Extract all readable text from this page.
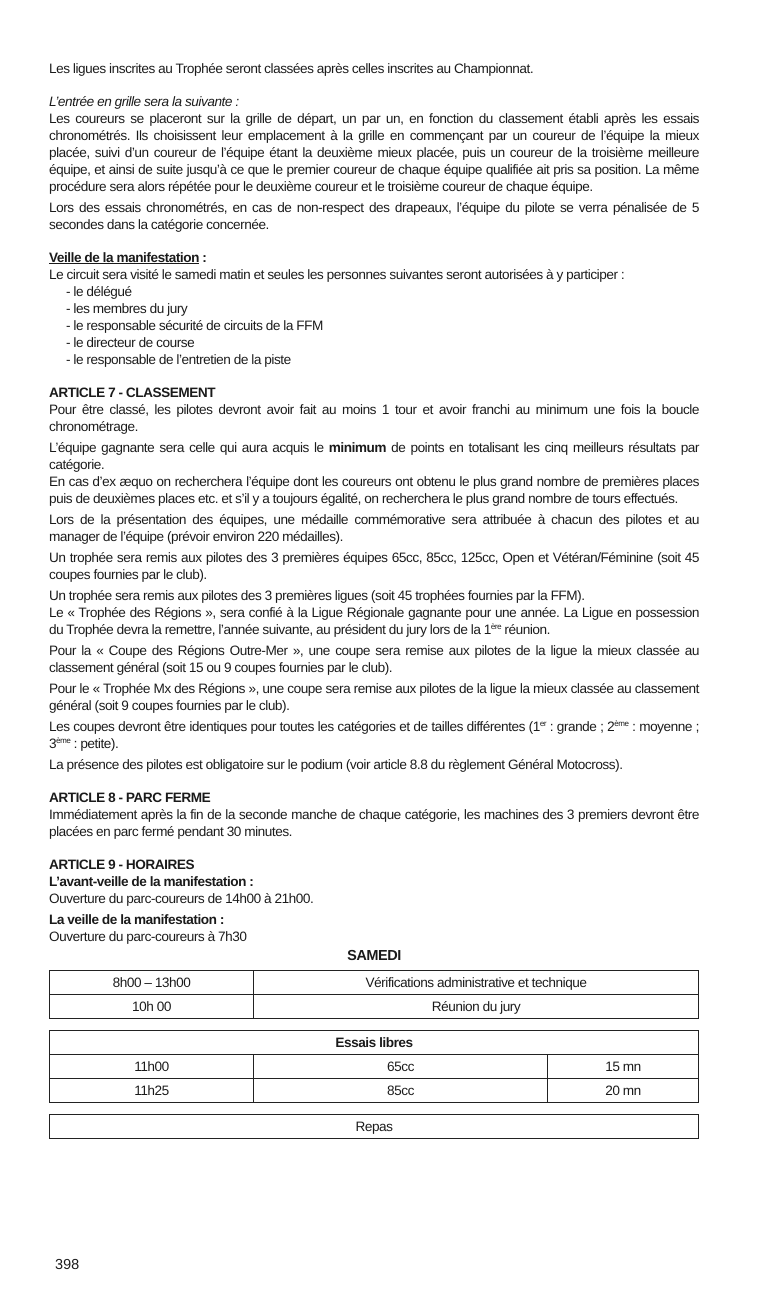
Les ligues inscrites au Trophée seront classées après celles inscrites au Championnat.

L’entrée en grille sera la suivante :

Les coureurs se placeront sur la grille de départ, un par un, en fonction du classement établi après les essais chronométrés. Ils choisissent leur emplacement à la grille en commençant par un coureur de l’équipe la mieux placée, suivi d’un coureur de l’équipe étant la deuxième mieux placée, puis un coureur de la troisième meilleure équipe, et ainsi de suite jusqu’à ce que le premier coureur de chaque équipe qualifiée ait pris sa position. La même procédure sera alors répétée pour le deuxième coureur et le troisième coureur de chaque équipe.

Lors des essais chronométrés, en cas de non-respect des drapeaux, l’équipe du pilote se verra pénalisée de 5 secondes dans la catégorie concernée.

Veille de la manifestation :

Le circuit sera visité le samedi matin et seules les personnes suivantes seront autorisées à y participer :

- le délégué
- les membres du jury
- le responsable sécurité de circuits de la FFM
- le directeur de course
- le responsable de l’entretien de la piste

ARTICLE 7 - CLASSEMENT

Pour être classé, les pilotes devront avoir fait au moins 1 tour et avoir franchi au minimum une fois la boucle chronométrage.

L’équipe gagnante sera celle qui aura acquis le minimum de points en totalisant les cinq meilleurs résultats par catégorie.

En cas d’ex æquo on recherchera l’équipe dont les coureurs ont obtenu le plus grand nombre de premières places puis de deuxièmes places etc. et s’il y a toujours égalité, on recherchera le plus grand nombre de tours effectués.

Lors de la présentation des équipes, une médaille commémorative sera attribuée à chacun des pilotes et au manager de l’équipe (prévoir environ 220 médailles).

Un trophée sera remis aux pilotes des 3 premières équipes 65cc, 85cc, 125cc, Open et Vétéran/Féminine (soit 45 coupes fournies par le club).

Un trophée sera remis aux pilotes des 3 premières ligues (soit 45 trophées fournies par la FFM).

Le « Trophée des Régions », sera confié à la Ligue Régionale gagnante pour une année. La Ligue en possession du Trophée devra la remettre, l’année suivante, au président du jury lors de la 1ère réunion.

Pour la « Coupe des Régions Outre-Mer », une coupe sera remise aux pilotes de la ligue la mieux classée au classement général (soit 15 ou 9 coupes fournies par le club).

Pour le « Trophée Mx des Régions », une coupe sera remise aux pilotes de la ligue la mieux classée au classement général (soit 9 coupes fournies par le club).

Les coupes devront être identiques pour toutes les catégories et de tailles différentes (1er : grande ; 2ème : moyenne ; 3ème : petite).

La présence des pilotes est obligatoire sur le podium (voir article 8.8 du règlement Général Motocross).

ARTICLE 8 - PARC FERME

Immédiatement après la fin de la seconde manche de chaque catégorie, les machines des 3 premiers devront être placées en parc fermé pendant 30 minutes.

ARTICLE 9 - HORAIRES

L’avant-veille de la manifestation :

Ouverture du parc-coureurs de 14h00 à 21h00.

La veille de la manifestation :

Ouverture du parc-coureurs à 7h30

SAMEDI
8h00 – 13h00	Vérifications administrative et technique
10h 00	Réunion du jury
Essais libres		
11h00	65cc	15 mn
11h25	85cc	20 mn
Repas
398
